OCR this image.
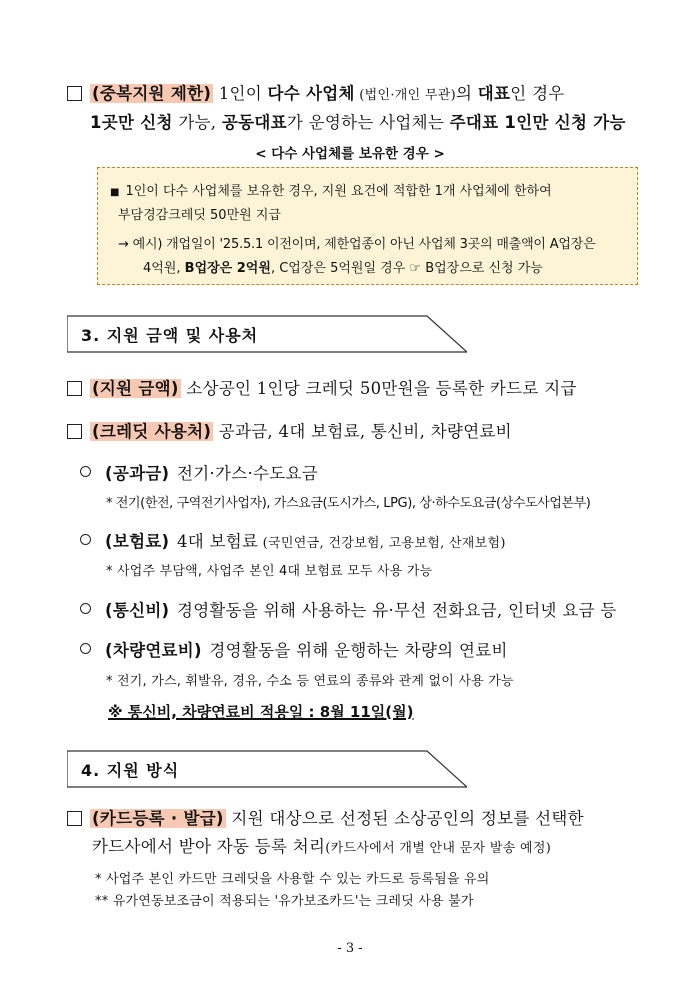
(중복지원 제한) 1인이 다수 사업체 (법인·개인 무관)의 대표인 경우
1곳만 신청 가능, 공동대표가 운영하는 사업체는 주대표 1인만 신청 가능
< 다수 사업체를 보유한 경우 >
■ 1인이 다수 사업체를 보유한 경우, 지원 요건에 적합한 1개 사업체에 한하여
부담경감크레딧 50만원 지급
→ 예시) 개업일이 '25.5.1 이전이며, 제한업종이 아닌 사업체 3곳의 매출액이 A업장은
4억원, B업장은 2억원, C업장은 5억원일 경우 ☞ B업장으로 신청 가능
3. 지원 금액 및 사용처
(지원 금액) 소상공인 1인당 크레딧 50만원을 등록한 카드로 지급
(크레딧 사용처) 공과금, 4대 보험료, 통신비, 차량연료비
(공과금) 전기·가스·수도요금
* 전기(한전, 구역전기사업자), 가스요금(도시가스, LPG), 상·하수도요금(상수도사업본부)
(보험료) 4대 보험료 (국민연금, 건강보험, 고용보험, 산재보험)
* 사업주 부담액, 사업주 본인 4대 보험료 모두 사용 가능
(통신비) 경영활동을 위해 사용하는 유·무선 전화요금, 인터넷 요금 등
(차량연료비) 경영활동을 위해 운행하는 차량의 연료비
* 전기, 가스, 휘발유, 경유, 수소 등 연료의 종류와 관계 없이 사용 가능
※ 통신비, 차량연료비 적용일 : 8월 11일(월)
4. 지원 방식
(카드등록 · 발급) 지원 대상으로 선정된 소상공인의 정보를 선택한
카드사에서 받아 자동 등록 처리(카드사에서 개별 안내 문자 발송 예정)
* 사업주 본인 카드만 크레딧을 사용할 수 있는 카드로 등록됨을 유의
** 유가연동보조금이 적용되는 '유가보조카드'는 크레딧 사용 불가
- 3 -
